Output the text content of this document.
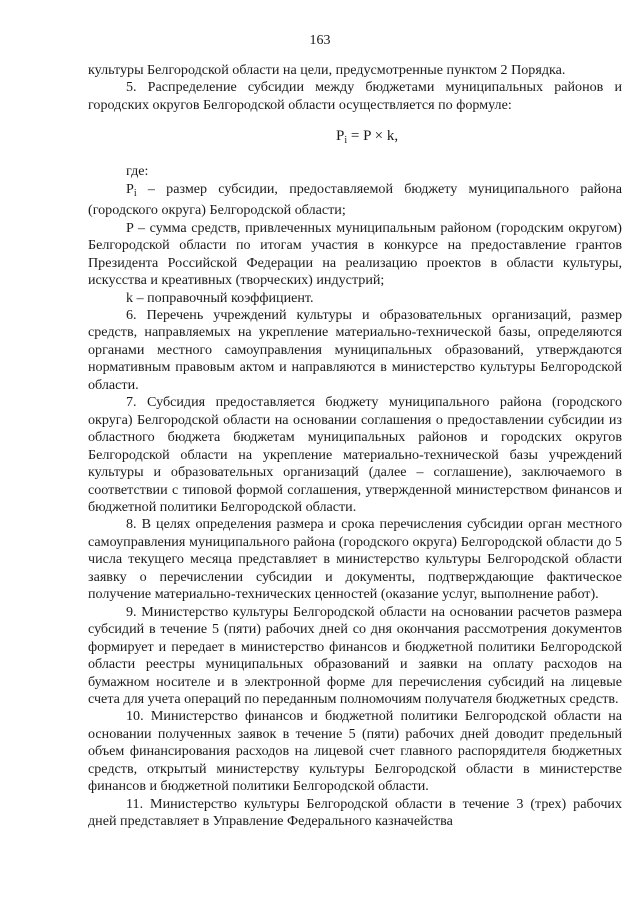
163

культуры Белгородской области на цели, предусмотренные пунктом 2 Порядка.

5. Распределение субсидии между бюджетами муниципальных районов и городских округов Белгородской области осуществляется по формуле:

$P_i = P \times k$,

где:

$P_i$ – размер субсидии, предоставляемой бюджету муниципального района (городского округа) Белгородской области;

P – сумма средств, привлеченных муниципальным районом (городским округом) Белгородской области по итогам участия в конкурсе на предоставление грантов Президента Российской Федерации на реализацию проектов в области культуры, искусства и креативных (творческих) индустрий;

k – поправочный коэффициент.

6. Перечень учреждений культуры и образовательных организаций, размер средств, направляемых на укрепление материально-технической базы, определяются органами местного самоуправления муниципальных образований, утверждаются нормативным правовым актом и направляются в министерство культуры Белгородской области.

7. Субсидия предоставляется бюджету муниципального района (городского округа) Белгородской области на основании соглашения о предоставлении субсидии из областного бюджета бюджетам муниципальных районов и городских округов Белгородской области на укрепление материально-технической базы учреждений культуры и образовательных организаций (далее – соглашение), заключаемого в соответствии с типовой формой соглашения, утвержденной министерством финансов и бюджетной политики Белгородской области.

8. В целях определения размера и срока перечисления субсидии орган местного самоуправления муниципального района (городского округа) Белгородской области до 5 числа текущего месяца представляет в министерство культуры Белгородской области заявку о перечислении субсидии и документы, подтверждающие фактическое получение материально-технических ценностей (оказание услуг, выполнение работ).

9. Министерство культуры Белгородской области на основании расчетов размера субсидий в течение 5 (пяти) рабочих дней со дня окончания рассмотрения документов формирует и передает в министерство финансов и бюджетной политики Белгородской области реестры муниципальных образований и заявки на оплату расходов на бумажном носителе и в электронной форме для перечисления субсидий на лицевые счета для учета операций по переданным полномочиям получателя бюджетных средств.

10. Министерство финансов и бюджетной политики Белгородской области на основании полученных заявок в течение 5 (пяти) рабочих дней доводит предельный объем финансирования расходов на лицевой счет главного распорядителя бюджетных средств, открытый министерству культуры Белгородской области в министерстве финансов и бюджетной политики Белгородской области.

11. Министерство культуры Белгородской области в течение 3 (трех) рабочих дней представляет в Управление Федерального казначейства
